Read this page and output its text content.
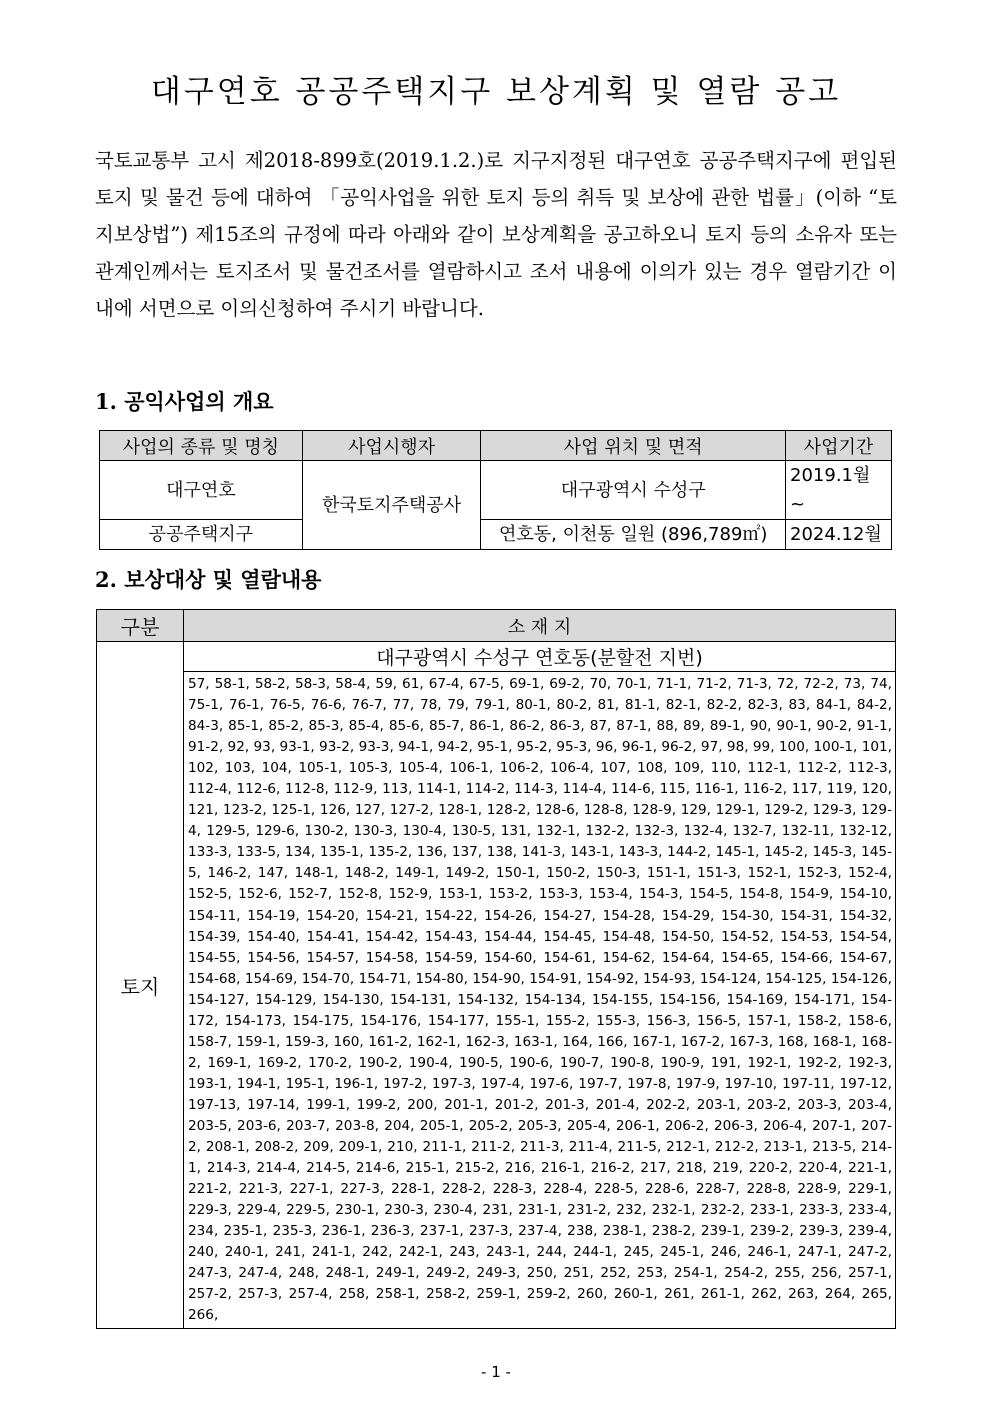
대구연호 공공주택지구 보상계획 및 열람 공고

국토교통부 고시 제2018-899호(2019.1.2.)로 지구지정된 대구연호 공공주택지구에 편입된 토지 및 물건 등에 대하여 「공익사업을 위한 토지 등의 취득 및 보상에 관한 법률」(이하 “토지보상법”) 제15조의 규정에 따라 아래와 같이 보상계획을 공고하오니 토지 등의 소유자 또는 관계인께서는 토지조서 및 물건조서를 열람하시고 조서 내용에 이의가 있는 경우 열람기간 이내에 서면으로 이의신청하여 주시기 바랍니다.

1. 공익사업의 개요
사업의 종류 및 명칭	사업시행자	사업 위치 및 면적	사업기간
대구연호	한국토지주택공사	대구광역시 수성구	2019.1월 ~
공공주택지구		연호동, 이천동 일원 (896,789㎡)	2024.12월
2. 보상대상 및 열람내용
구분	소 재 지
토지	대구광역시 수성구 연호동(분할전 지번)
	57, 58-1, 58-2, 58-3, 58-4, 59, 61, 67-4, 67-5, 69-1, 69-2, 70, 70-1, 71-1, 71-2, 71-3, 72, 72-2, 73, 74, 75-1, 76-1, 76-5, 76-6, 76-7, 77, 78, 79, 79-1, 80-1, 80-2, 81, 81-1, 82-1, 82-2, 82-3, 83, 84-1, 84-2, 84-3, 85-1, 85-2, 85-3, 85-4, 85-6, 85-7, 86-1, 86-2, 86-3, 87, 87-1, 88, 89, 89-1, 90, 90-1, 90-2, 91-1, 91-2, 92, 93, 93-1, 93-2, 93-3, 94-1, 94-2, 95-1, 95-2, 95-3, 96, 96-1, 96-2, 97, 98, 99, 100, 100-1, 101, 102, 103, 104, 105-1, 105-3, 105-4, 106-1, 106-2, 106-4, 107, 108, 109, 110, 112-1, 112-2, 112-3, 112-4, 112-6, 112-8, 112-9, 113, 114-1, 114-2, 114-3, 114-4, 114-6, 115, 116-1, 116-2, 117, 119, 120, 121, 123-2, 125-1, 126, 127, 127-2, 128-1, 128-2, 128-6, 128-8, 128-9, 129, 129-1, 129-2, 129-3, 129-4, 129-5, 129-6, 130-2, 130-3, 130-4, 130-5, 131, 132-1, 132-2, 132-3, 132-4, 132-7, 132-11, 132-12, 133-3, 133-5, 134, 135-1, 135-2, 136, 137, 138, 141-3, 143-1, 143-3, 144-2, 145-1, 145-2, 145-3, 145-5, 146-2, 147, 148-1, 148-2, 149-1, 149-2, 150-1, 150-2, 150-3, 151-1, 151-3, 152-1, 152-3, 152-4, 152-5, 152-6, 152-7, 152-8, 152-9, 153-1, 153-2, 153-3, 153-4, 154-3, 154-5, 154-8, 154-9, 154-10, 154-11, 154-19, 154-20, 154-21, 154-22, 154-26, 154-27, 154-28, 154-29, 154-30, 154-31, 154-32, 154-39, 154-40, 154-41, 154-42, 154-43, 154-44, 154-45, 154-48, 154-50, 154-52, 154-53, 154-54, 154-55, 154-56, 154-57, 154-58, 154-59, 154-60, 154-61, 154-62, 154-64, 154-65, 154-66, 154-67, 154-68, 154-69, 154-70, 154-71, 154-80, 154-90, 154-91, 154-92, 154-93, 154-124, 154-125, 154-126, 154-127, 154-129, 154-130, 154-131, 154-132, 154-134, 154-155, 154-156, 154-169, 154-171, 154-172, 154-173, 154-175, 154-176, 154-177, 155-1, 155-2, 155-3, 156-3, 156-5, 157-1, 158-2, 158-6, 158-7, 159-1, 159-3, 160, 161-2, 162-1, 162-3, 163-1, 164, 166, 167-1, 167-2, 167-3, 168, 168-1, 168-2, 169-1, 169-2, 170-2, 190-2, 190-4, 190-5, 190-6, 190-7, 190-8, 190-9, 191, 192-1, 192-2, 192-3, 193-1, 194-1, 195-1, 196-1, 197-2, 197-3, 197-4, 197-6, 197-7, 197-8, 197-9, 197-10, 197-11, 197-12, 197-13, 197-14, 199-1, 199-2, 200, 201-1, 201-2, 201-3, 201-4, 202-2, 203-1, 203-2, 203-3, 203-4, 203-5, 203-6, 203-7, 203-8, 204, 205-1, 205-2, 205-3, 205-4, 206-1, 206-2, 206-3, 206-4, 207-1, 207-2, 208-1, 208-2, 209, 209-1, 210, 211-1, 211-2, 211-3, 211-4, 211-5, 212-1, 212-2, 213-1, 213-5, 214-1, 214-3, 214-4, 214-5, 214-6, 215-1, 215-2, 216, 216-1, 216-2, 217, 218, 219, 220-2, 220-4, 221-1, 221-2, 221-3, 227-1, 227-3, 228-1, 228-2, 228-3, 228-4, 228-5, 228-6, 228-7, 228-8, 228-9, 229-1, 229-3, 229-4, 229-5, 230-1, 230-3, 230-4, 231, 231-1, 231-2, 232, 232-1, 232-2, 233-1, 233-3, 233-4, 234, 235-1, 235-3, 236-1, 236-3, 237-1, 237-3, 237-4, 238, 238-1, 238-2, 239-1, 239-2, 239-3, 239-4, 240, 240-1, 241, 241-1, 242, 242-1, 243, 243-1, 244, 244-1, 245, 245-1, 246, 246-1, 247-1, 247-2, 247-3, 247-4, 248, 248-1, 249-1, 249-2, 249-3, 250, 251, 252, 253, 254-1, 254-2, 255, 256, 257-1, 257-2, 257-3, 257-4, 258, 258-1, 258-2, 259-1, 259-2, 260, 260-1, 261, 261-1, 262, 263, 264, 265, 266,
- 1 -
